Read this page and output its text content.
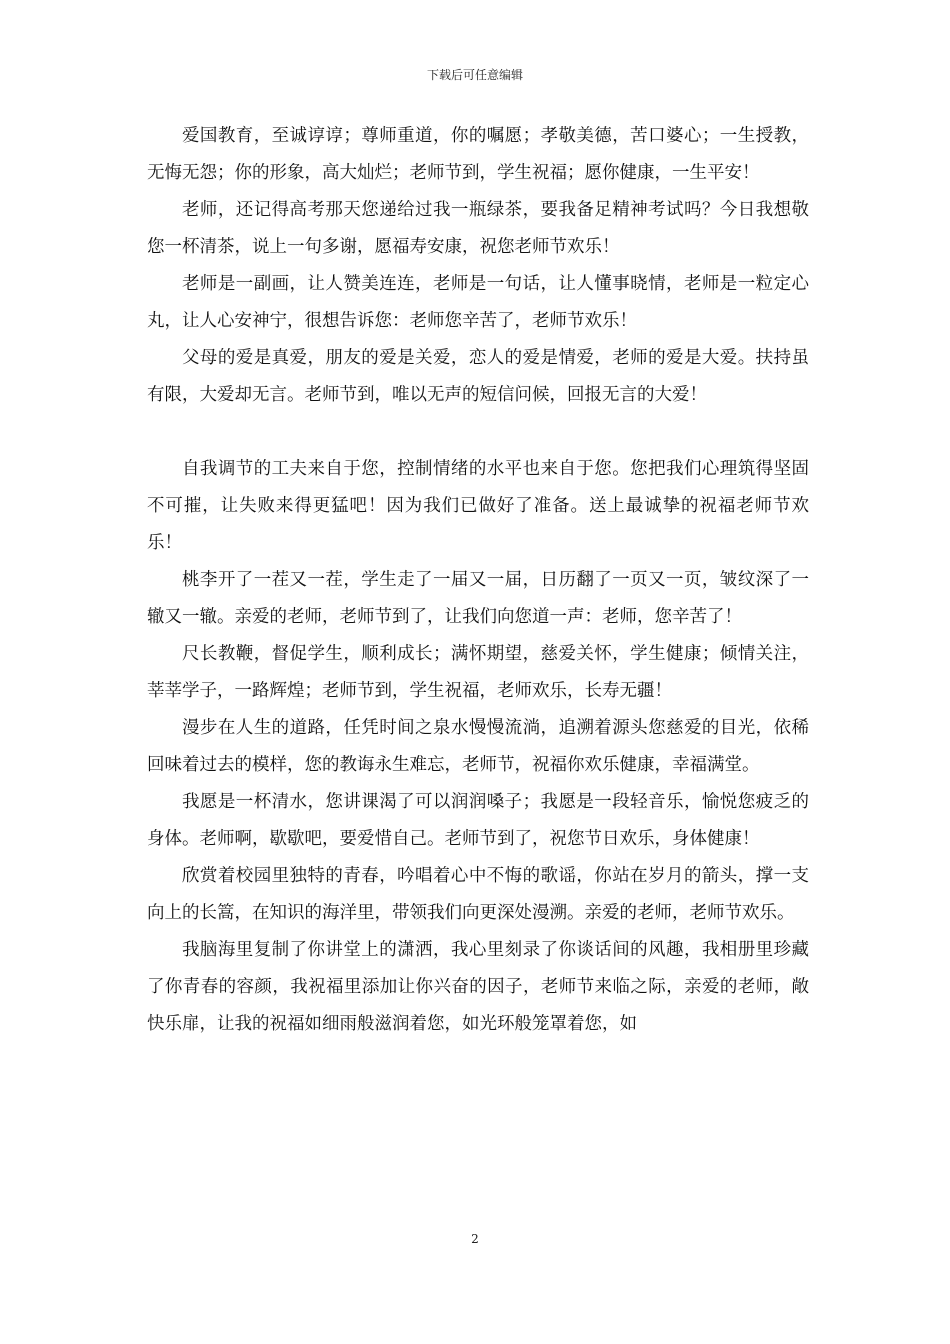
下载后可任意编辑

爱国教育，至诚谆谆；尊师重道，你的嘱愿；孝敬美德，苦口婆心；一生授教，无悔无怨；你的形象，高大灿烂；老师节到，学生祝福；愿你健康，一生平安！

老师，还记得高考那天您递给过我一瓶绿茶，要我备足精神考试吗？今日我想敬您一杯清茶，说上一句多谢，愿福寿安康，祝您老师节欢乐！

老师是一副画，让人赞美连连，老师是一句话，让人懂事晓情，老师是一粒定心丸，让人心安神宁，很想告诉您：老师您辛苦了，老师节欢乐！

父母的爱是真爱，朋友的爱是关爱，恋人的爱是情爱，老师的爱是大爱。扶持虽有限，大爱却无言。老师节到，唯以无声的短信问候，回报无言的大爱！

自我调节的工夫来自于您，控制情绪的水平也来自于您。您把我们心理筑得坚固不可摧，让失败来得更猛吧！因为我们已做好了准备。送上最诚挚的祝福老师节欢乐！

桃李开了一茬又一茬，学生走了一届又一届，日历翻了一页又一页，皱纹深了一辙又一辙。亲爱的老师，老师节到了，让我们向您道一声：老师，您辛苦了！

尺长教鞭，督促学生，顺利成长；满怀期望，慈爱关怀，学生健康；倾情关注，莘莘学子，一路辉煌；老师节到，学生祝福，老师欢乐，长寿无疆！

漫步在人生的道路，任凭时间之泉水慢慢流淌，追溯着源头您慈爱的目光，依稀回味着过去的模样，您的教诲永生难忘，老师节，祝福你欢乐健康，幸福满堂。

我愿是一杯清水，您讲课渴了可以润润嗓子；我愿是一段轻音乐，愉悦您疲乏的身体。老师啊，歇歇吧，要爱惜自己。老师节到了，祝您节日欢乐，身体健康！

欣赏着校园里独特的青春，吟唱着心中不悔的歌谣，你站在岁月的箭头，撑一支向上的长篙，在知识的海洋里，带领我们向更深处漫溯。亲爱的老师，老师节欢乐。

我脑海里复制了你讲堂上的潇洒，我心里刻录了你谈话间的风趣，我相册里珍藏了你青春的容颜，我祝福里添加让你兴奋的因子，老师节来临之际，亲爱的老师，敞快乐扉，让我的祝福如细雨般滋润着您，如光环般笼罩着您，如

2
